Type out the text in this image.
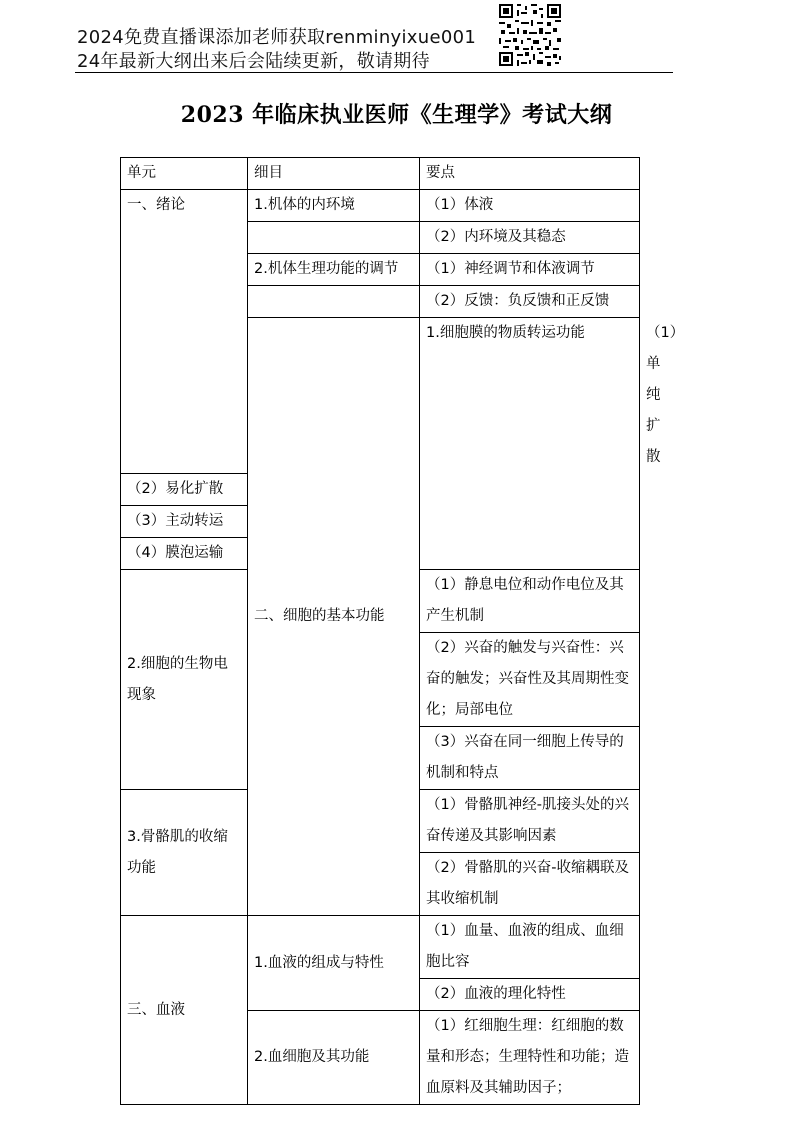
2024免费直播课添加老师获取renminyixue001
24年最新大纲出来后会陆续更新，敬请期待
2023 年临床执业医师《生理学》考试大纲
单元	细目	要点	
一、绪论	1.机体的内环境	（1）体液	
		（2）内环境及其稳态	
	2.机体生理功能的调节	（1）神经调节和体液调节	
		（2）反馈：负反馈和正反馈	
	二、细胞的基本功能	1.细胞膜的物质转运功能	（1）单纯扩散
（2）易化扩散			
（3）主动转运			
（4）膜泡运输			
2.细胞的生物电现象		（1）静息电位和动作电位及其产生机制	
		（2）兴奋的触发与兴奋性：兴奋的触发；兴奋性及其周期性变化；局部电位	
		（3）兴奋在同一细胞上传导的机制和特点	
3.骨骼肌的收缩功能		（1）骨骼肌神经-肌接头处的兴奋传递及其影响因素	
		（2）骨骼肌的兴奋-收缩耦联及其收缩机制	
三、血液	1.血液的组成与特性	（1）血量、血液的组成、血细胞比容	
		（2）血液的理化特性	
	2.血细胞及其功能	（1）红细胞生理：红细胞的数量和形态；生理特性和功能；造血原料及其辅助因子；	
